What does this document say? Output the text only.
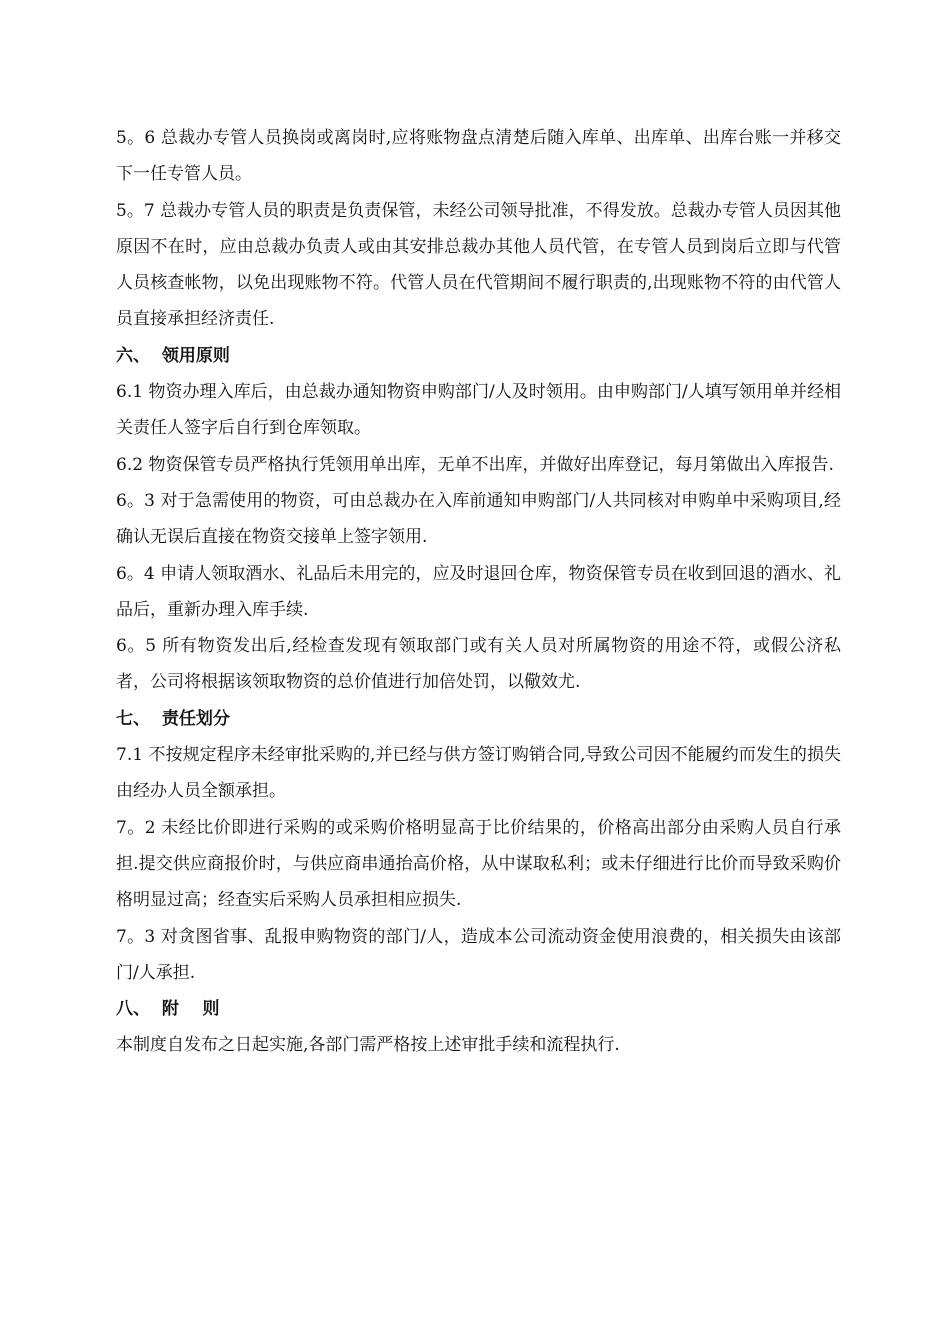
5。6 总裁办专管人员换岗或离岗时,应将账物盘点清楚后随入库单、出库单、出库台账一并移交下一任专管人员。

5。7 总裁办专管人员的职责是负责保管，未经公司领导批准，不得发放。总裁办专管人员因其他原因不在时，应由总裁办负责人或由其安排总裁办其他人员代管，在专管人员到岗后立即与代管人员核查帐物，以免出现账物不符。代管人员在代管期间不履行职责的,出现账物不符的由代管人员直接承担经济责任.

六、  领用原则

6.1 物资办理入库后，由总裁办通知物资申购部门/人及时领用。由申购部门/人填写领用单并经相关责任人签字后自行到仓库领取。

6.2 物资保管专员严格执行凭领用单出库，无单不出库，并做好出库登记，每月第做出入库报告.

6。3 对于急需使用的物资，可由总裁办在入库前通知申购部门/人共同核对申购单中采购项目,经确认无误后直接在物资交接单上签字领用.

6。4 申请人领取酒水、礼品后未用完的，应及时退回仓库，物资保管专员在收到回退的酒水、礼品后，重新办理入库手续.

6。5 所有物资发出后,经检查发现有领取部门或有关人员对所属物资的用途不符，或假公济私者，公司将根据该领取物资的总价值进行加倍处罚，以儆效尤.

七、  责任划分

7.1 不按规定程序未经审批采购的,并已经与供方签订购销合同,导致公司因不能履约而发生的损失由经办人员全额承担。

7。2 未经比价即进行采购的或采购价格明显高于比价结果的，价格高出部分由采购人员自行承担.提交供应商报价时，与供应商串通抬高价格，从中谋取私利；或未仔细进行比价而导致采购价格明显过高；经查实后采购人员承担相应损失.

7。3 对贪图省事、乱报申购物资的部门/人，造成本公司流动资金使用浪费的，相关损失由该部门/人承担.

八、  附    则

本制度自发布之日起实施,各部门需严格按上述审批手续和流程执行.
